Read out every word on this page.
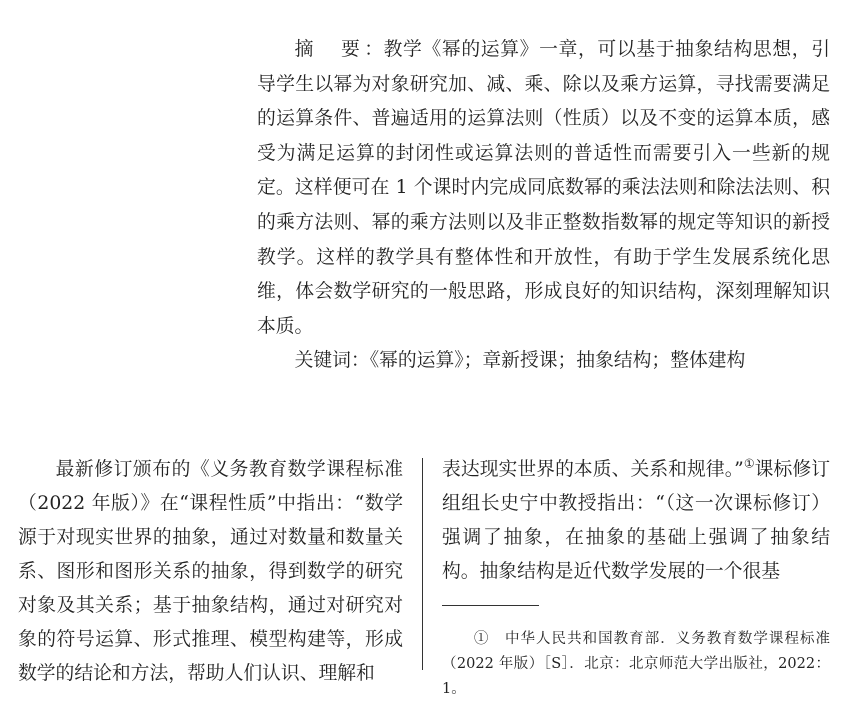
摘　要：教学《幂的运算》一章，可以基于抽象结构思想，引导学生以幂为对象研究加、减、乘、除以及乘方运算，寻找需要满足的运算条件、普遍适用的运算法则（性质）以及不变的运算本质，感受为满足运算的封闭性或运算法则的普适性而需要引入一些新的规定。这样便可在 1 个课时内完成同底数幂的乘法法则和除法法则、积的乘方法则、幂的乘方法则以及非正整数指数幂的规定等知识的新授教学。这样的教学具有整体性和开放性，有助于学生发展系统化思维，体会数学研究的一般思路，形成良好的知识结构，深刻理解知识本质。

关键词：《幂的运算》；章新授课；抽象结构；整体建构

最新修订颁布的《义务教育数学课程标准（2022 年版）》在“课程性质”中指出：“数学源于对现实世界的抽象，通过对数量和数量关系、图形和图形关系的抽象，得到数学的研究对象及其关系；基于抽象结构，通过对研究对象的符号运算、形式推理、模型构建等，形成数学的结论和方法，帮助人们认识、理解和

表达现实世界的本质、关系和规律。”①课标修订组组长史宁中教授指出：“（这一次课标修订）强调了抽象，在抽象的基础上强调了抽象结构。抽象结构是近代数学发展的一个很基

①　 中华人民共和国教育部．义务教育数学课程标准（2022 年版）［S］．北京：北京师范大学出版社，2022：1。
